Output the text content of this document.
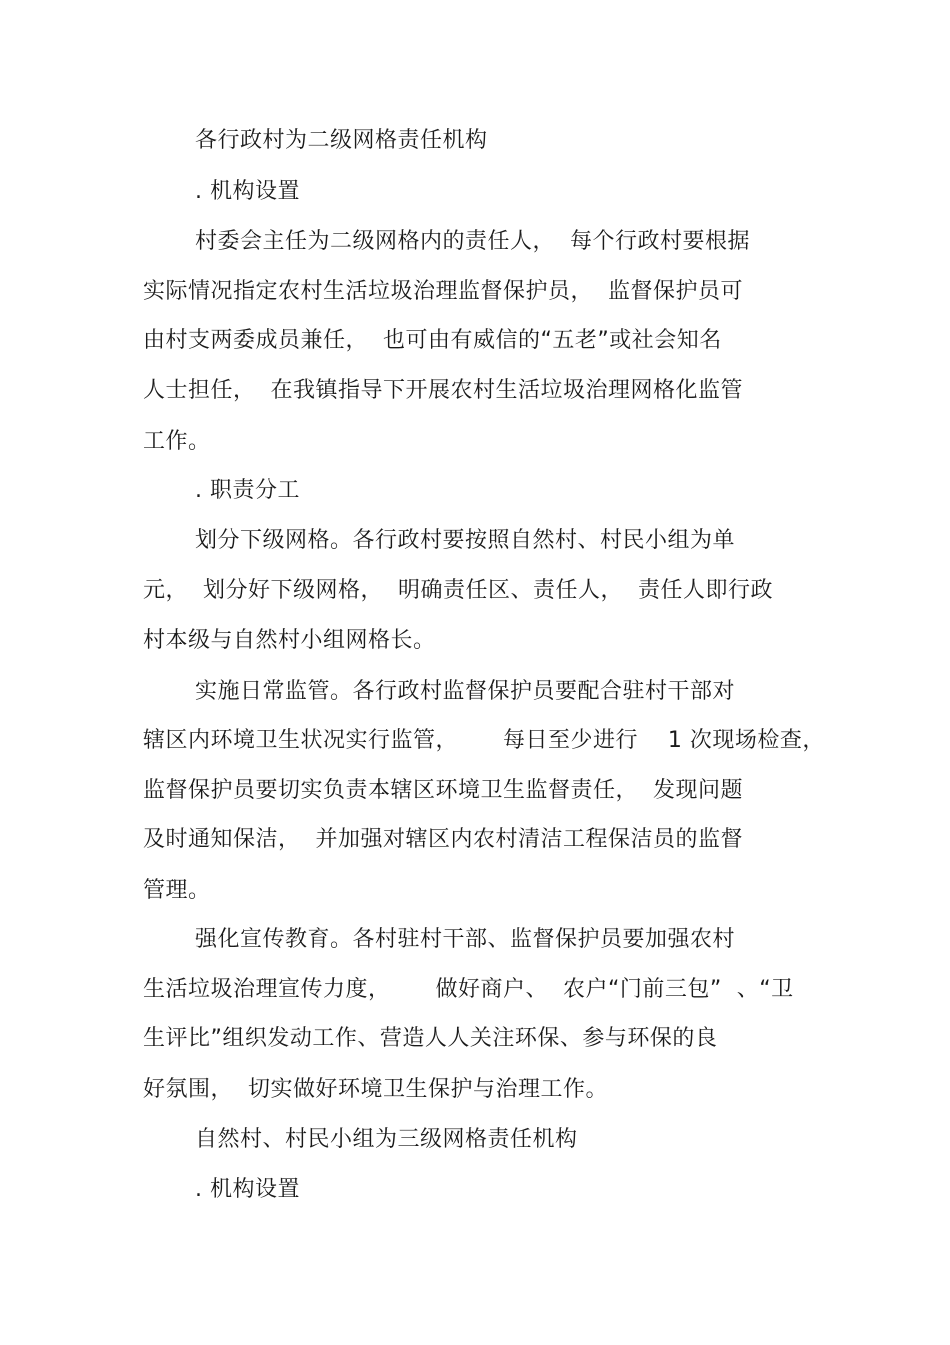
各行政村为二级网格责任机构
. 机构设置
村委会主任为二级网格内的责任人，  每个行政村要根据
实际情况指定农村生活垃圾治理监督保护员，  监督保护员可
由村支两委成员兼任，  也可由有威信的“五老”或社会知名
人士担任，  在我镇指导下开展农村生活垃圾治理网格化监管
工作。
. 职责分工
划分下级网格。各行政村要按照自然村、村民小组为单
元，  划分好下级网格，  明确责任区、责任人，  责任人即行政
村本级与自然村小组网格长。
实施日常监管。各行政村监督保护员要配合驻村干部对
辖区内环境卫生状况实行监管，      每日至少进行    1 次现场检查，
监督保护员要切实负责本辖区环境卫生监督责任，  发现问题
及时通知保洁，  并加强对辖区内农村清洁工程保洁员的监督
管理。
强化宣传教育。各村驻村干部、监督保护员要加强农村
生活垃圾治理宣传力度，      做好商户、  农户“门前三包”  、“卫
生评比”组织发动工作、营造人人关注环保、参与环保的良
好氛围，  切实做好环境卫生保护与治理工作。
自然村、村民小组为三级网格责任机构
. 机构设置
